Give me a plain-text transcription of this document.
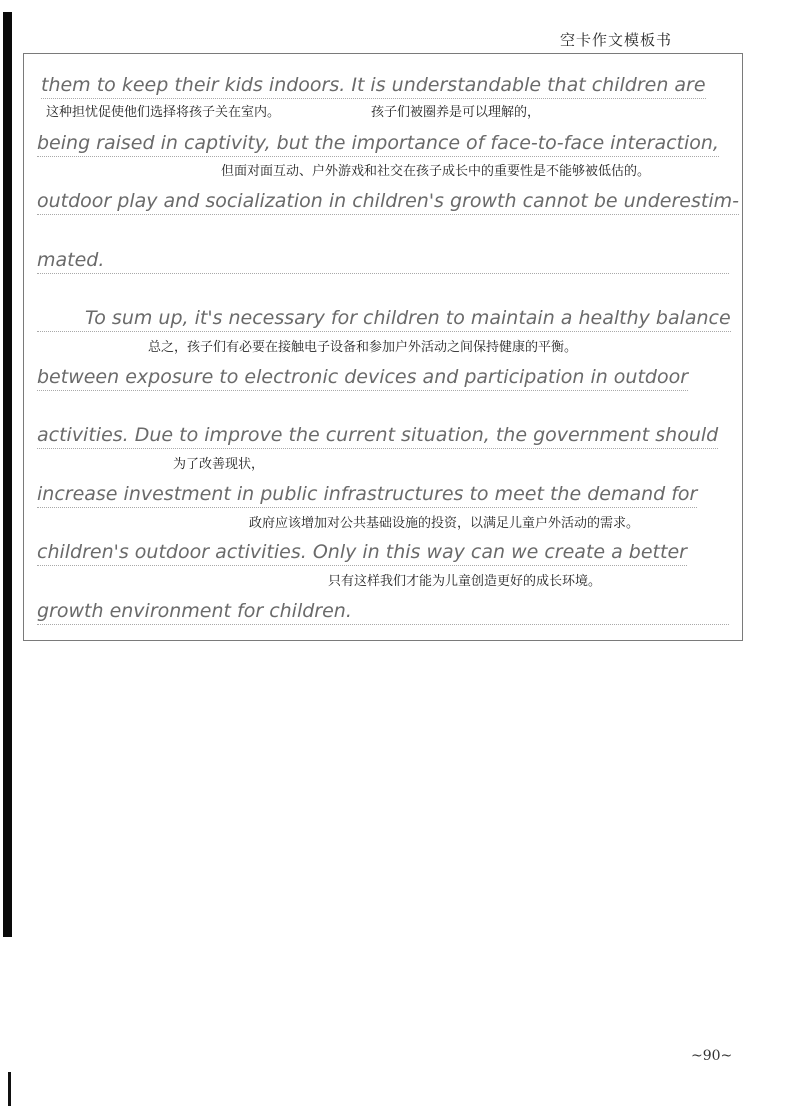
空卡作文模板书
them to keep their kids indoors. It is understandable that children are
这种担忧促使他们选择将孩子关在室内。	孩子们被圈养是可以理解的，
being raised in captivity, but the importance of face-to-face interaction,
但面对面互动、户外游戏和社交在孩子成长中的重要性是不能够被低估的。
outdoor play and socialization in children's growth cannot be underestim-
mated.
To sum up, it's necessary for children to maintain a healthy balance
总之，孩子们有必要在接触电子设备和参加户外活动之间保持健康的平衡。
between exposure to electronic devices and participation in outdoor
activities. Due to improve the current situation, the government should
为了改善现状，
increase investment in public infrastructures to meet the demand for
政府应该增加对公共基础设施的投资，以满足儿童户外活动的需求。
children's outdoor activities. Only in this way can we create a better
只有这样我们才能为儿童创造更好的成长环境。
growth environment for children.
~90~
